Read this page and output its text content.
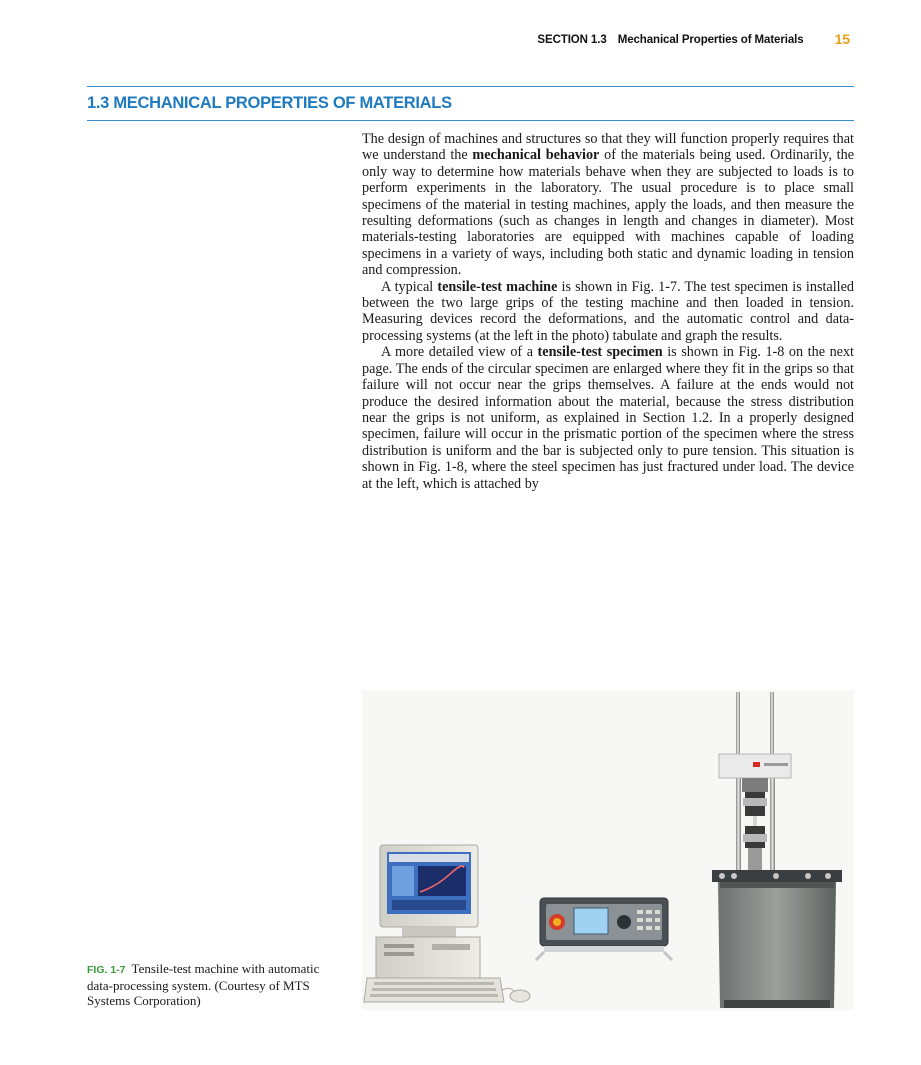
SECTION 1.3 Mechanical Properties of Materials 15
1.3 MECHANICAL PROPERTIES OF MATERIALS

The design of machines and structures so that they will function properly requires that we understand the mechanical behavior of the materials being used. Ordinarily, the only way to determine how materials behave when they are subjected to loads is to perform experiments in the laboratory. The usual procedure is to place small specimens of the material in testing machines, apply the loads, and then measure the resulting deformations (such as changes in length and changes in diameter). Most materials-testing laboratories are equipped with machines capable of loading specimens in a variety of ways, including both static and dynamic loading in tension and compression.

A typical tensile-test machine is shown in Fig. 1-7. The test specimen is installed between the two large grips of the testing machine and then loaded in tension. Measuring devices record the deformations, and the automatic control and data-processing systems (at the left in the photo) tabulate and graph the results.

A more detailed view of a tensile-test specimen is shown in Fig. 1-8 on the next page. The ends of the circular specimen are enlarged where they fit in the grips so that failure will not occur near the grips themselves. A failure at the ends would not produce the desired information about the material, because the stress distribution near the grips is not uniform, as explained in Section 1.2. In a properly designed specimen, failure will occur in the prismatic portion of the specimen where the stress distribution is uniform and the bar is subjected only to pure tension. This situation is shown in Fig. 1-8, where the steel specimen has just fractured under load. The device at the left, which is attached by

FIG. 1-7 Tensile-test machine with automatic data-processing system. (Courtesy of MTS Systems Corporation)
